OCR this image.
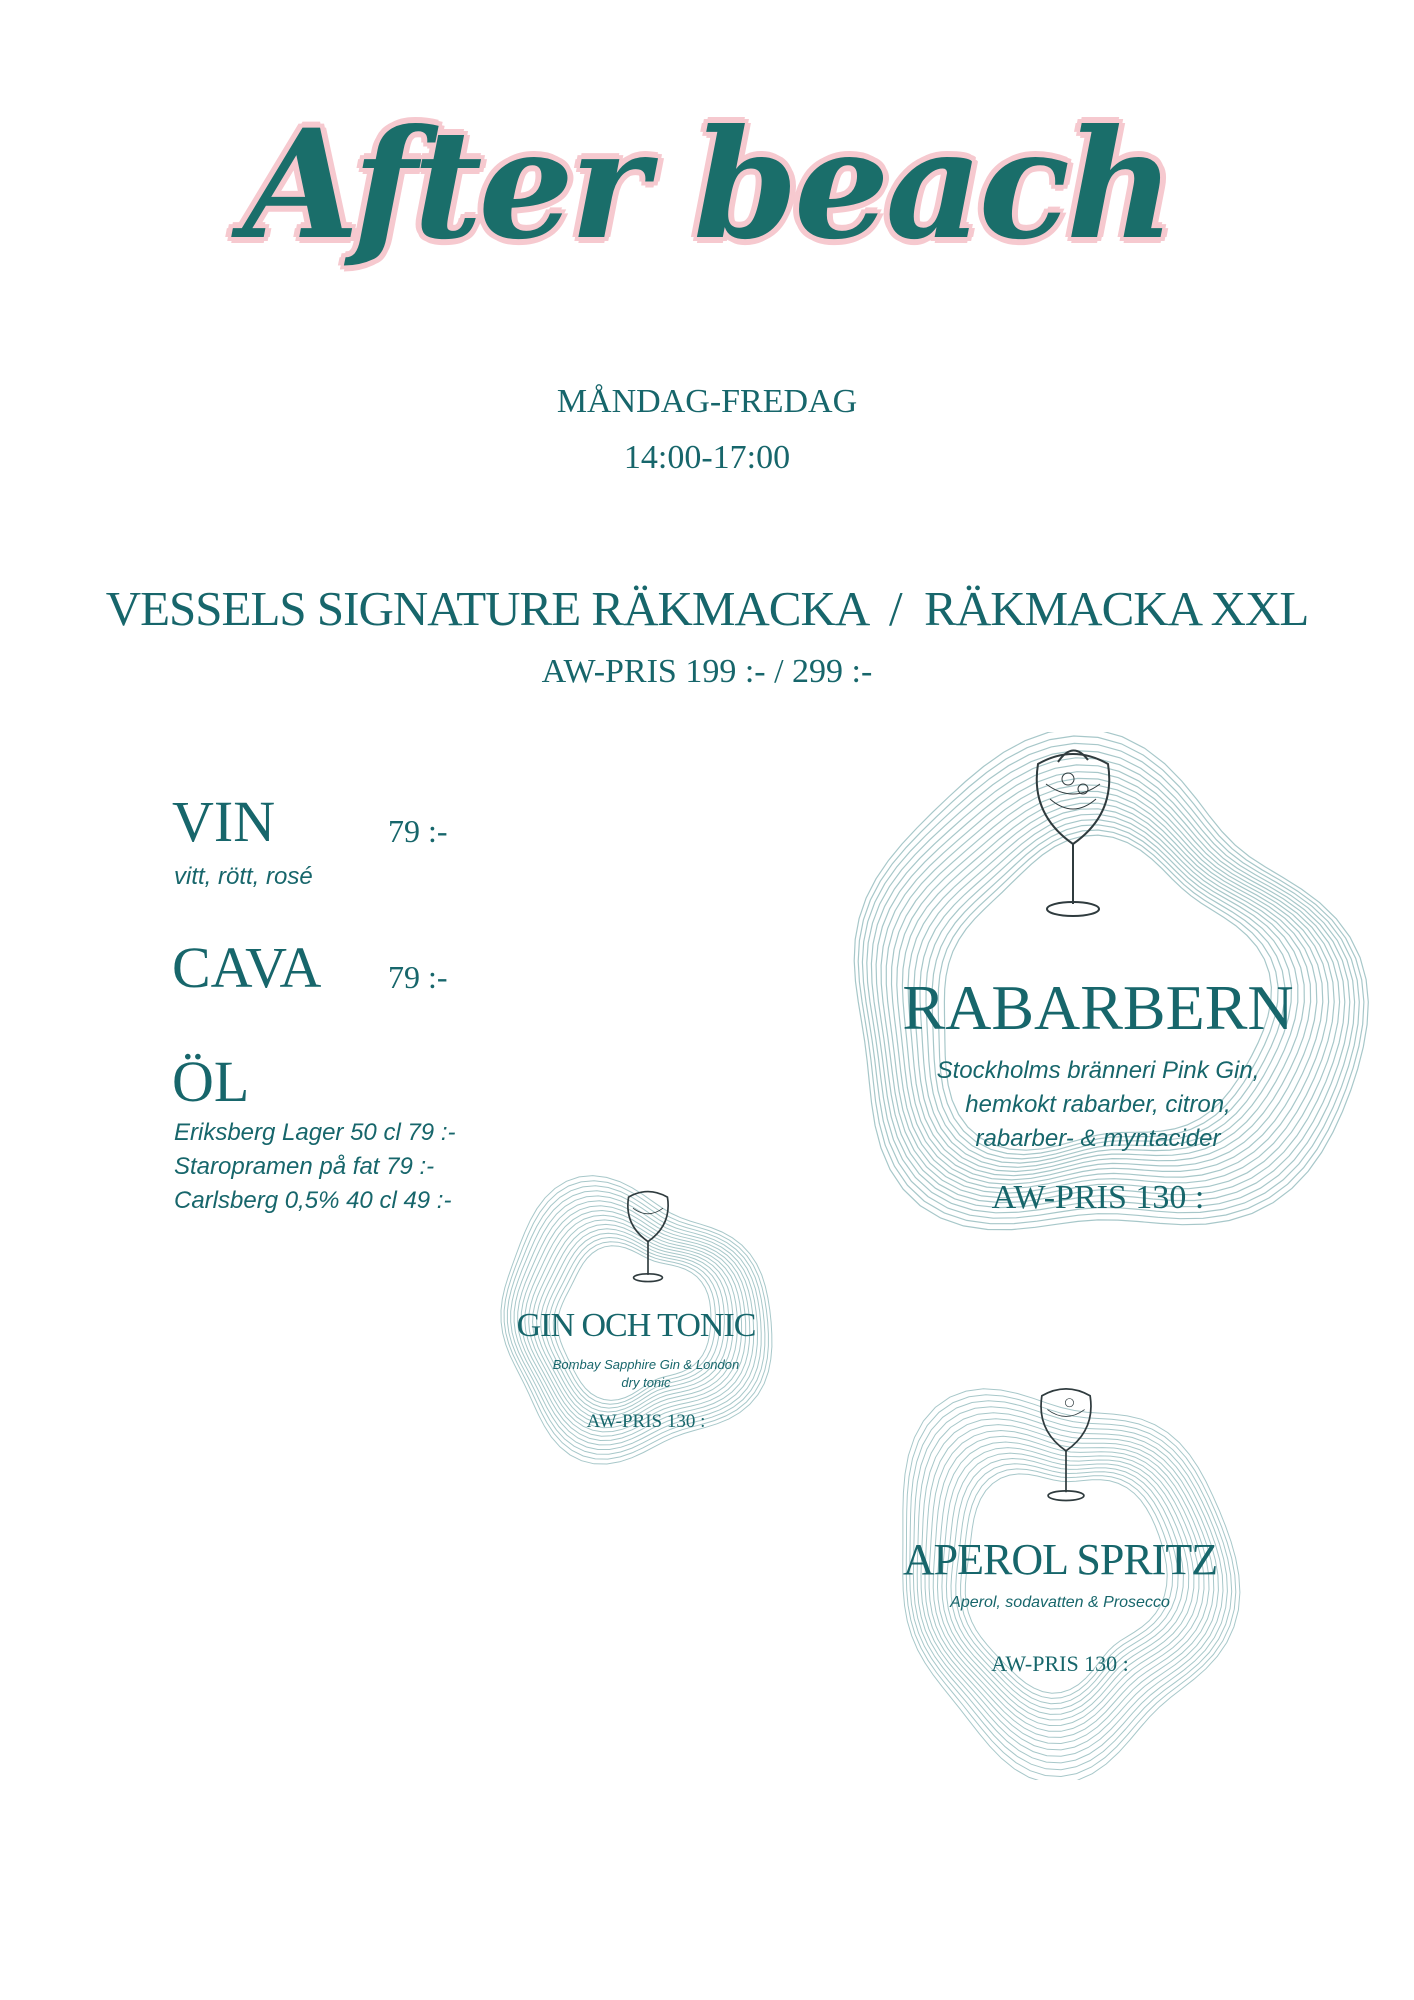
After beach
MÅNDAG-FREDAG
14:00-17:00
VESSELS SIGNATURE RÄKMACKA  /  RÄKMACKA XXL
AW-PRIS 199 :- / 299 :-
VIN	79 :-
vitt, rött, rosé
CAVA 79 :-
ÖL
Eriksberg Lager 50 cl 79 :-
Staropramen på fat 79 :-
Carlsberg 0,5% 40 cl 49 :-
RABARBERN
Stockholms bränneri Pink Gin,
hemkokt rabarber, citron,
rabarber- & myntacider
AW-PRIS 130 :
GIN OCH TONIC
Bombay Sapphire Gin & London
dry tonic
AW-PRIS 130 :
APEROL SPRITZ
Aperol, sodavatten & Prosecco
AW-PRIS 130 :
